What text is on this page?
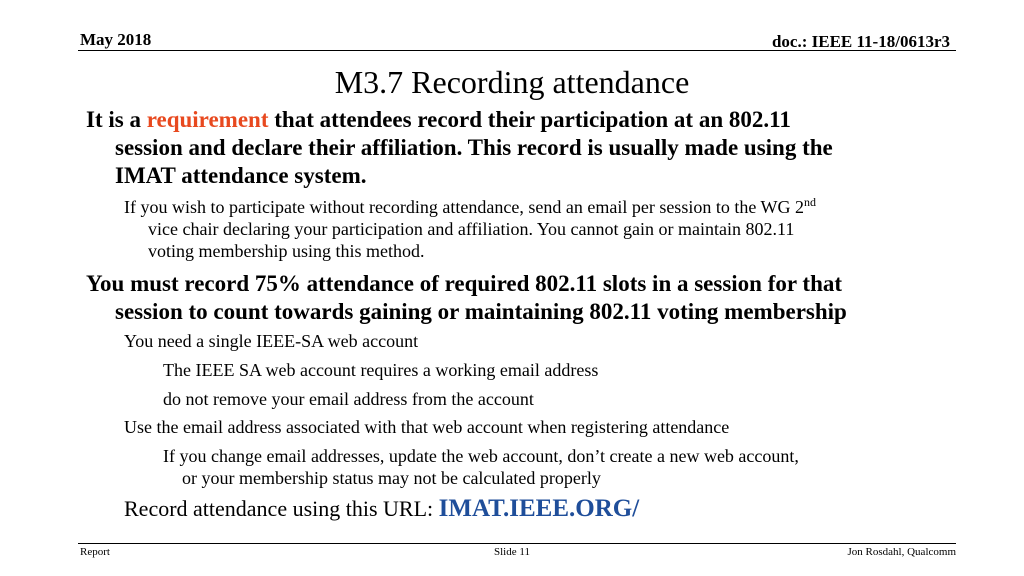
May 2018	doc.: IEEE 11-18/0613r3
M3.7 Recording attendance
It is a requirement that attendees record their participation at an 802.11
session and declare their affiliation. This record is usually made using the
IMAT attendance system.
If you wish to participate without recording attendance, send an email per session to the WG 2nd
vice chair declaring your participation and affiliation. You cannot gain or maintain 802.11
voting membership using this method.
You must record 75% attendance of required 802.11 slots in a session for that
session to count towards gaining or maintaining 802.11 voting membership
You need a single IEEE-SA web account
The IEEE SA web account requires a working email address
do not remove your email address from the account
Use the email address associated with that web account when registering attendance
If you change email addresses, update the web account, don’t create a new web account,
or your membership status may not be calculated properly
Record attendance using this URL: IMAT.IEEE.ORG/
Report	Slide 11	Jon Rosdahl, Qualcomm
